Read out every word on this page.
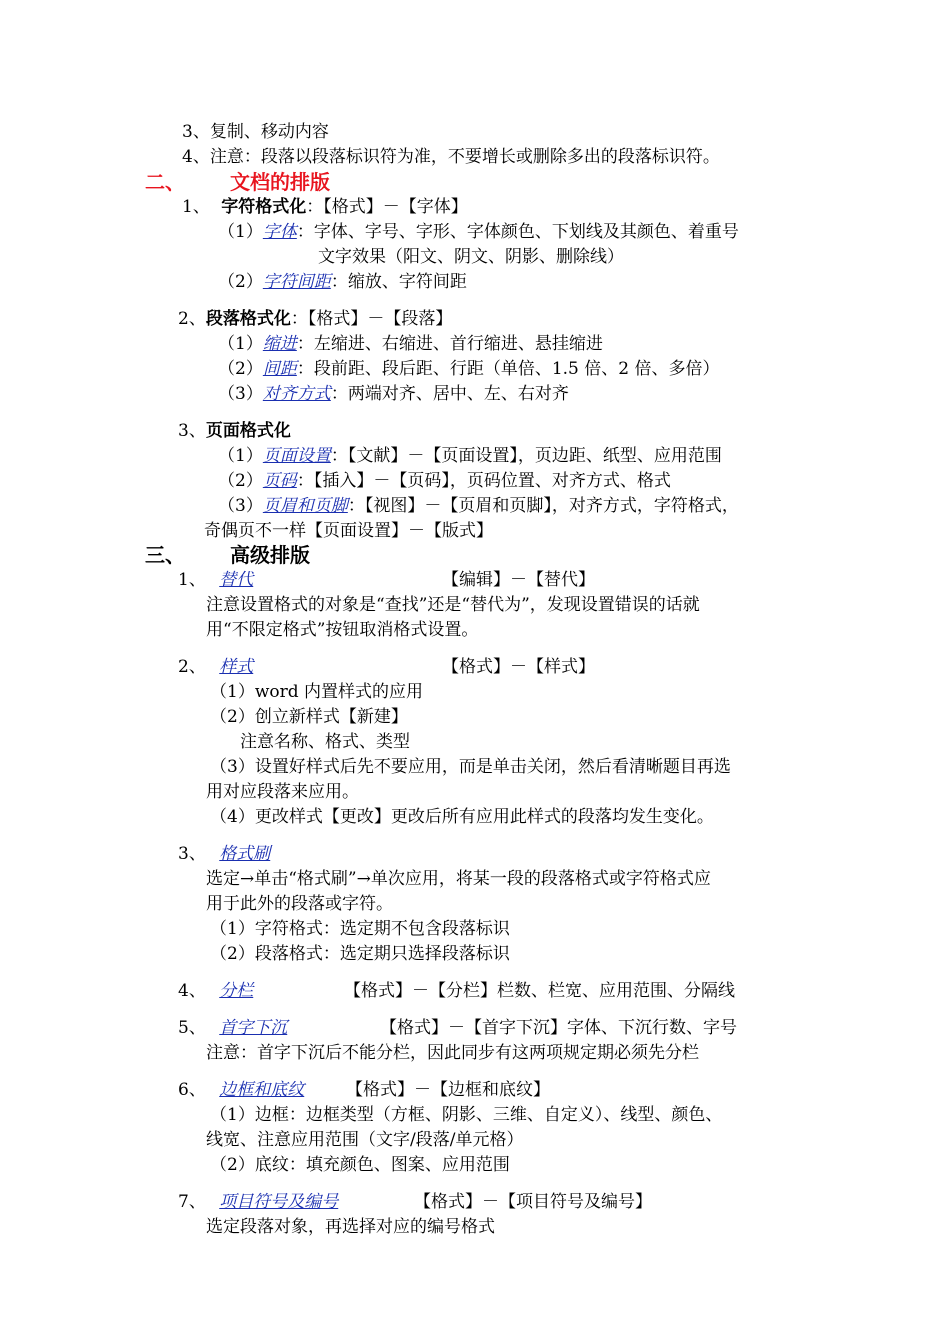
3、复制、移动内容
4、注意：段落以段落标识符为准，不要增长或删除多出的段落标识符。
二、 文档的排版
1、 字符格式化：【格式】－【字体】
（1）字体：字体、字号、字形、字体颜色、下划线及其颜色、着重号
文字效果（阳文、阴文、阴影、删除线）
（2）字符间距：缩放、字符间距
2、段落格式化：【格式】－【段落】
（1）缩进：左缩进、右缩进、首行缩进、悬挂缩进
（2）间距：段前距、段后距、行距（单倍、1.5 倍、2 倍、多倍）
（3）对齐方式：两端对齐、居中、左、右对齐
3、页面格式化
（1）页面设置：【文献】－【页面设置】，页边距、纸型、应用范围
（2）页码：【插入】－【页码】，页码位置、对齐方式、格式
（3）页眉和页脚：【视图】－【页眉和页脚】，对齐方式，字符格式，
奇偶页不一样【页面设置】－【版式】
三、 高级排版
1、 替代	【编辑】－【替代】
注意设置格式的对象是“查找”还是“替代为”，发现设置错误的话就
用“不限定格式”按钮取消格式设置。
2、 样式	【格式】－【样式】
（1）word 内置样式的应用
（2）创立新样式【新建】
注意名称、格式、类型
（3）设置好样式后先不要应用，而是单击关闭，然后看清晰题目再选
用对应段落来应用。
（4）更改样式【更改】更改后所有应用此样式的段落均发生变化。
3、 格式刷
选定→单击“格式刷”→单次应用，将某一段的段落格式或字符格式应
用于此外的段落或字符。
（1）字符格式：选定期不包含段落标识
（2）段落格式：选定期只选择段落标识
4、 分栏	【格式】－【分栏】栏数、栏宽、应用范围、分隔线
5、 首字下沉	【格式】－【首字下沉】字体、下沉行数、字号
注意：首字下沉后不能分栏，因此同步有这两项规定期必须先分栏
6、 边框和底纹 【格式】－【边框和底纹】
（1）边框：边框类型（方框、阴影、三维、自定义）、线型、颜色、
线宽、注意应用范围（文字/段落/单元格）
（2）底纹：填充颜色、图案、应用范围
7、 项目符号及编号	【格式】－【项目符号及编号】
选定段落对象，再选择对应的编号格式
